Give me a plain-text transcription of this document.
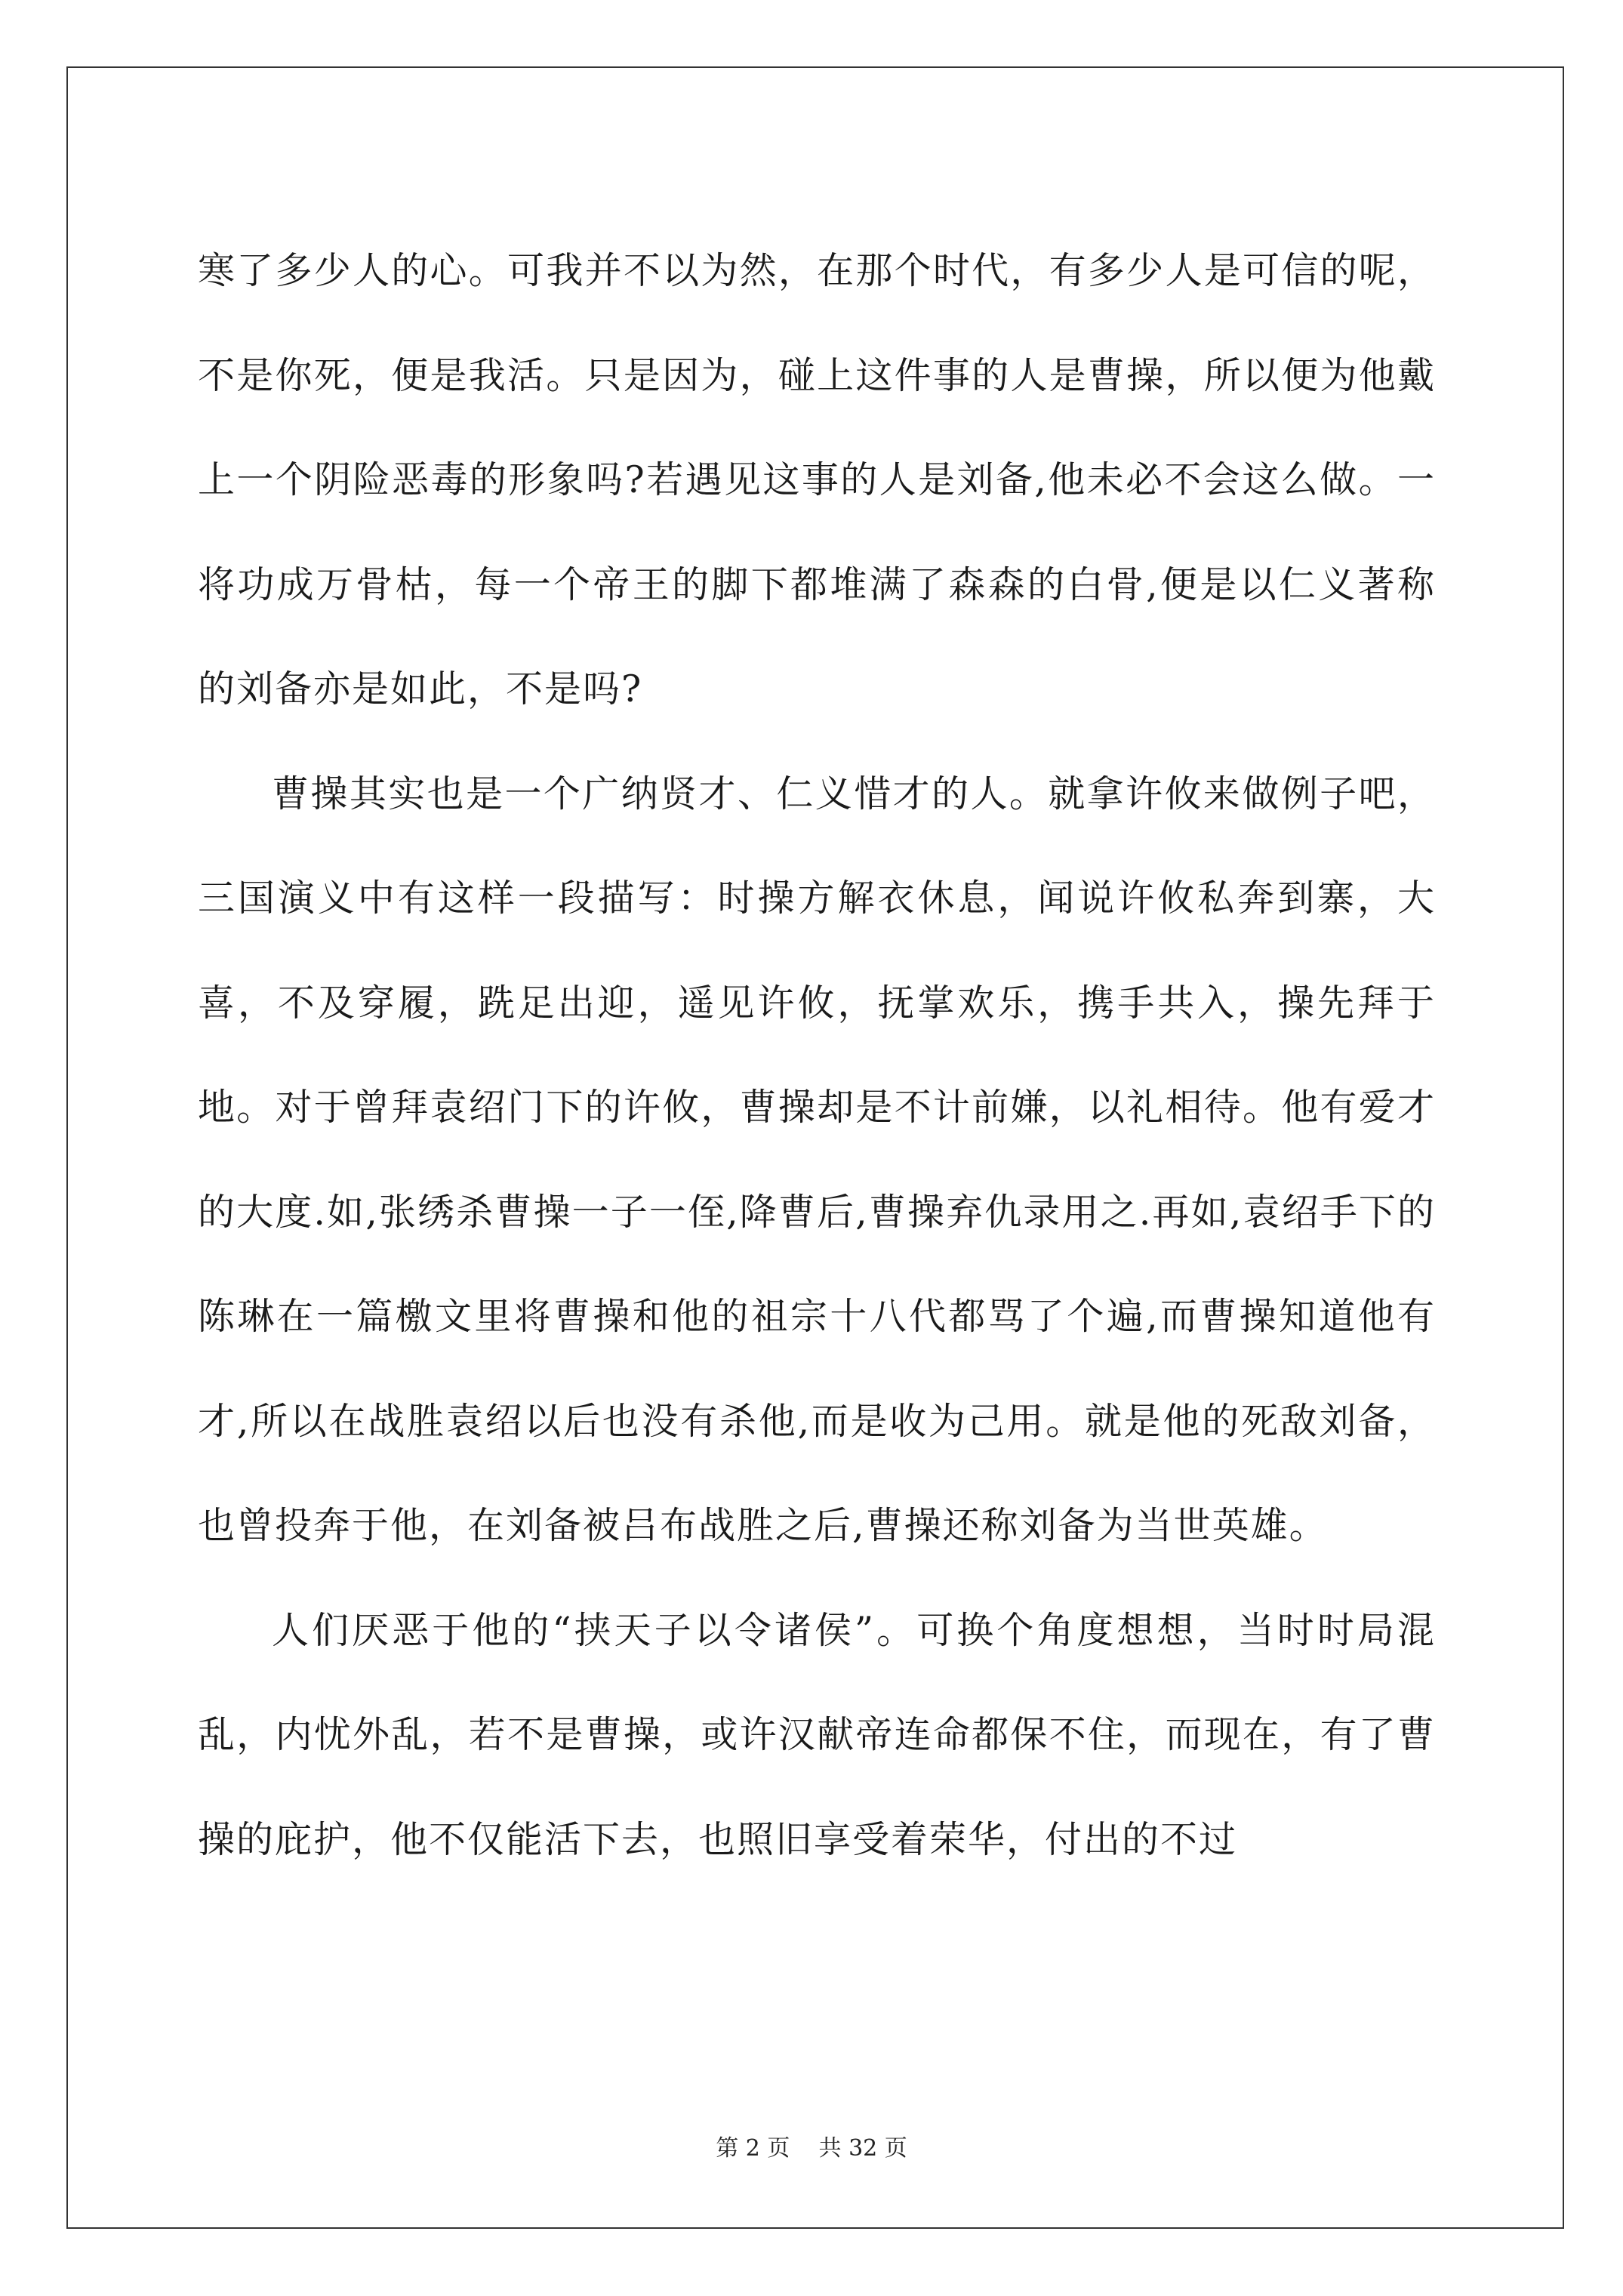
寒了多少人的心。可我并不以为然，在那个时代，有多少人是可信的呢，不是你死，便是我活。只是因为，碰上这件事的人是曹操，所以便为他戴上一个阴险恶毒的形象吗?若遇见这事的人是刘备,他未必不会这么做。一将功成万骨枯，每一个帝王的脚下都堆满了森森的白骨,便是以仁义著称的刘备亦是如此，不是吗?

曹操其实也是一个广纳贤才、仁义惜才的人。就拿许攸来做例子吧，三国演义中有这样一段描写：时操方解衣休息，闻说许攸私奔到寨，大喜，不及穿履，跣足出迎，遥见许攸，抚掌欢乐，携手共入，操先拜于地。对于曾拜袁绍门下的许攸，曹操却是不计前嫌，以礼相待。他有爱才的大度.如,张绣杀曹操一子一侄,降曹后,曹操弃仇录用之.再如,袁绍手下的陈琳在一篇檄文里将曹操和他的祖宗十八代都骂了个遍,而曹操知道他有才,所以在战胜袁绍以后也没有杀他,而是收为己用。就是他的死敌刘备，也曾投奔于他，在刘备被吕布战胜之后,曹操还称刘备为当世英雄。

人们厌恶于他的“挟天子以令诸侯”。可换个角度想想，当时时局混乱，内忧外乱，若不是曹操，或许汉献帝连命都保不住，而现在，有了曹操的庇护，他不仅能活下去，也照旧享受着荣华，付出的不过

第 2 页 共 32 页
